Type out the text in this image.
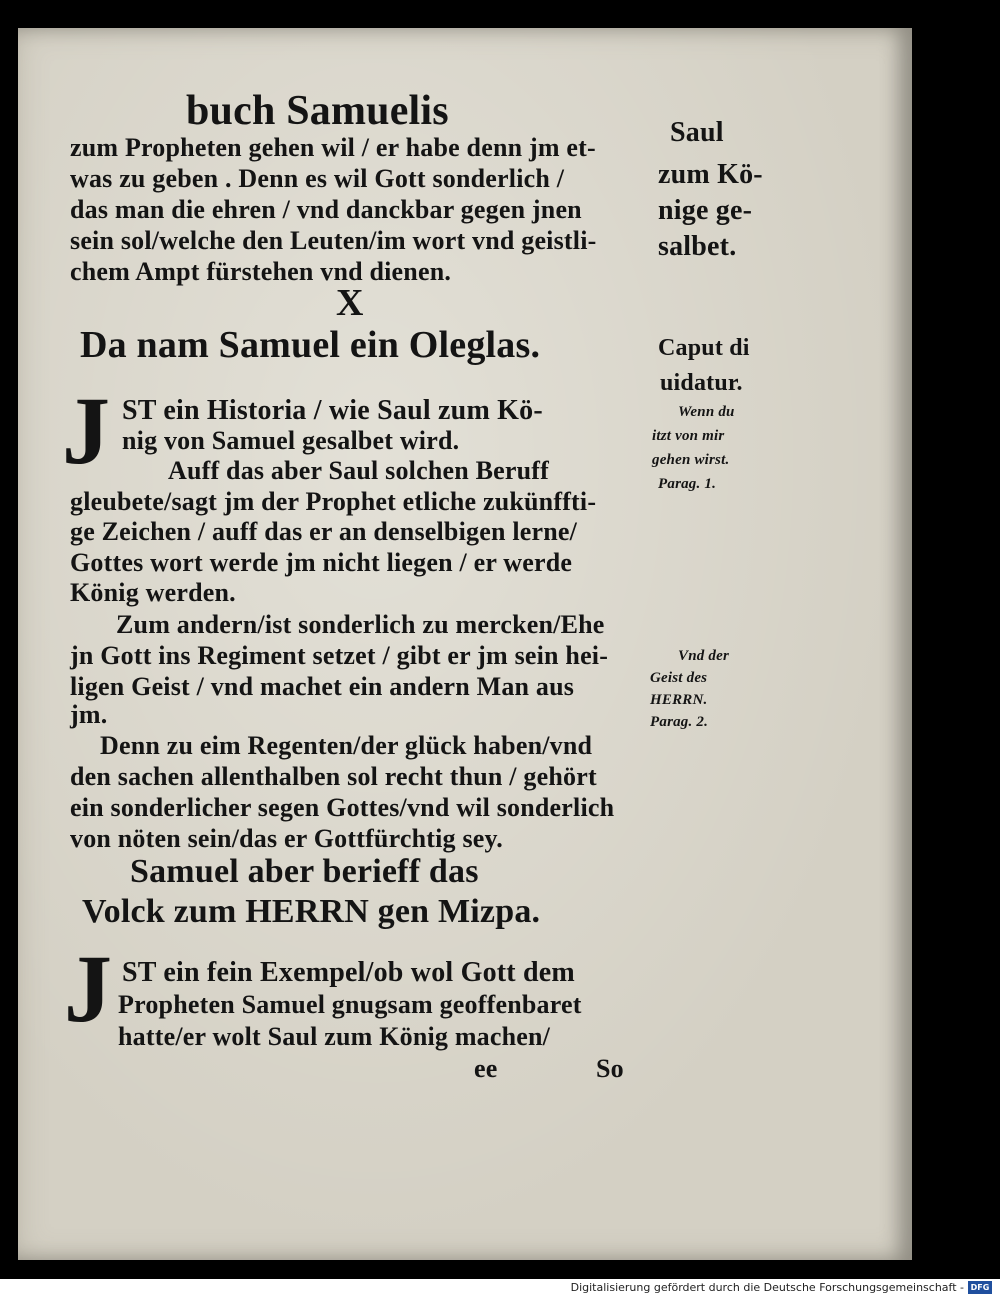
buch Samuelis
zum Propheten gehen wil / er habe denn jm et-
was zu geben . Denn es wil Gott sonderlich /
das man die ehren / vnd danckbar gegen jnen
sein sol/welche den Leuten/im wort vnd geistli-
chem Ampt fürstehen vnd dienen.
Saul
zum Kö-
nige ge-
salbet.
X
Da nam Samuel ein Oleglas.	Caput di
uidatur.
J ST ein Historia / wie Saul zum Kö-
nig von Samuel gesalbet wird.
Auff das aber Saul solchen Beruff
gleubete/sagt jm der Prophet etliche zukünffti-
ge Zeichen / auff das er an denselbigen lerne/
Gottes wort werde jm nicht liegen / er werde
König werden.
Zum andern/ist sonderlich zu mercken/Ehe
jn Gott ins Regiment setzet / gibt er jm sein hei-
ligen Geist / vnd machet ein andern Man aus
jm.
Denn zu eim Regenten/der glück haben/vnd
den sachen allenthalben sol recht thun / gehört
ein sonderlicher segen Gottes/vnd wil sonderlich
von nöten sein/das er Gottfürchtig sey.
Wenn du
itzt von mir
gehen wirst.
Parag. 1.
Vnd der
Geist des
HERRN.
Parag. 2.
Samuel aber berieff das
Volck zum HERRN gen Mizpa.
J ST ein fein Exempel/ob wol Gott dem
Propheten Samuel gnugsam geoffenbaret
hatte/er wolt Saul zum König machen/
ee	So
Digitalisierung gefördert durch die Deutsche Forschungsgemeinschaft - DFG
